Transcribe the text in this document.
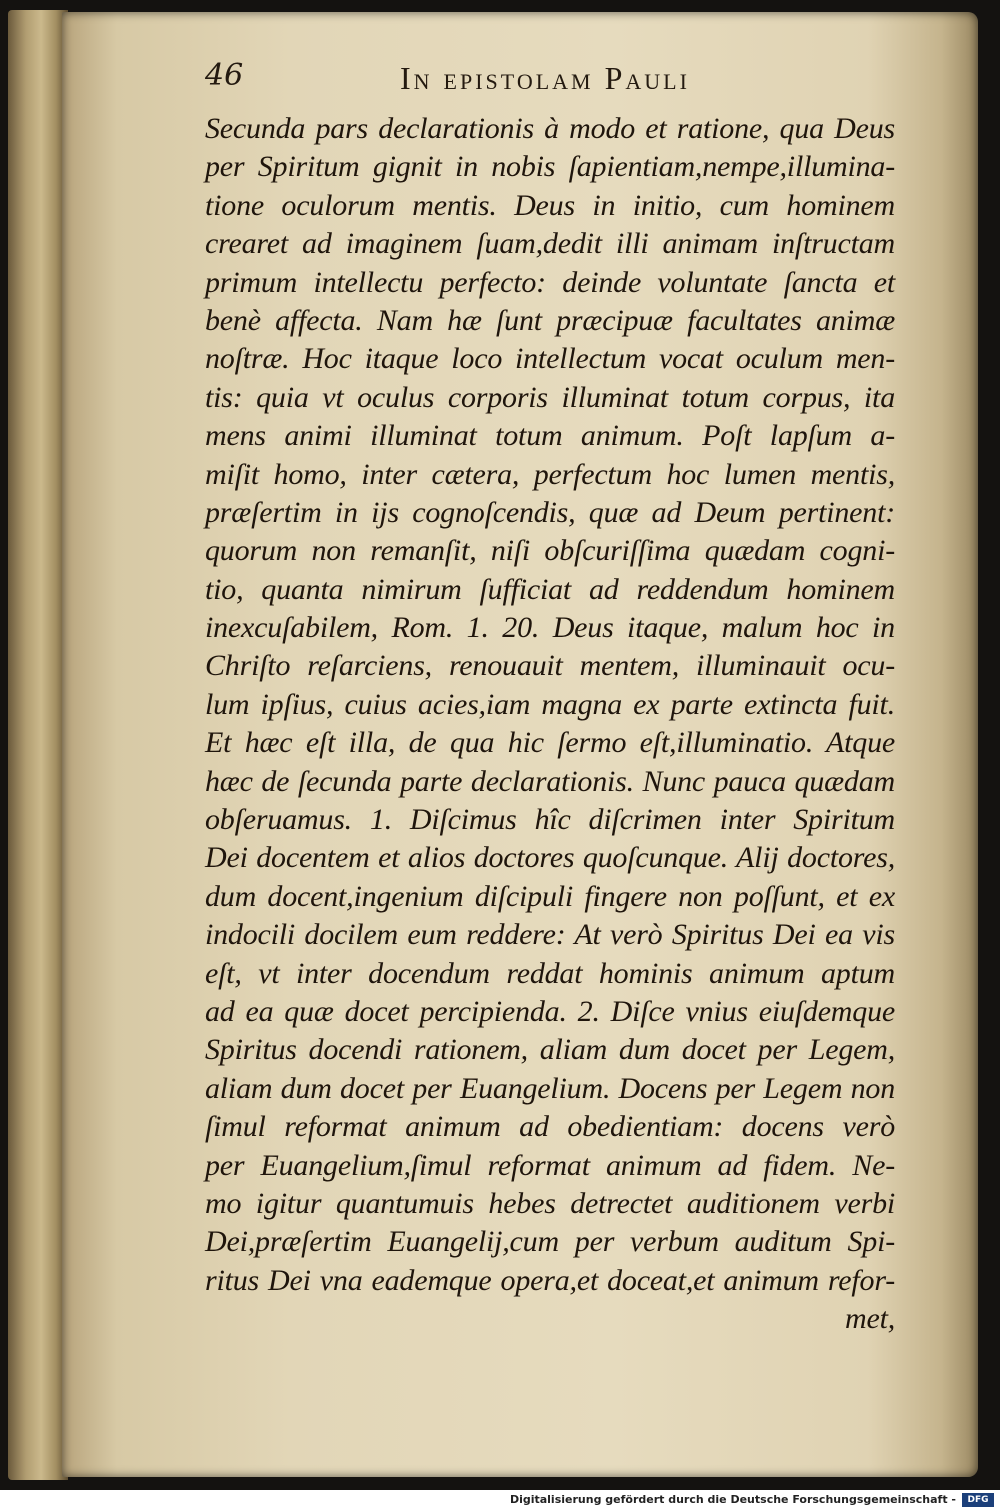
46	In epistolam Pauli
Secunda pars declarationis à modo et ratione, qua Deus
per Spiritum gignit in nobis ſapientiam,nempe,illumina-
tione oculorum mentis. Deus in initio, cum hominem
crearet ad imaginem ſuam,dedit illi animam inſtructam
primum intellectu perfecto: deinde voluntate ſancta et
benè affecta. Nam hæ ſunt præcipuæ facultates animæ
noſtræ. Hoc itaque loco intellectum vocat oculum men-
tis: quia vt oculus corporis illuminat totum corpus, ita
mens animi illuminat totum animum. Poſt lapſum a-
miſit homo, inter cætera, perfectum hoc lumen mentis,
præſertim in ijs cognoſcendis, quæ ad Deum pertinent:
quorum non remanſit, niſi obſcuriſſima quædam cogni-
tio, quanta nimirum ſufficiat ad reddendum hominem
inexcuſabilem, Rom. 1. 20. Deus itaque, malum hoc in
Chriſto reſarciens, renouauit mentem, illuminauit ocu-
lum ipſius, cuius acies,iam magna ex parte extincta fuit.
Et hæc eſt illa, de qua hic ſermo eſt,illuminatio. Atque
hæc de ſecunda parte declarationis. Nunc pauca quædam
obſeruamus. 1. Diſcimus hîc diſcrimen inter Spiritum
Dei docentem et alios doctores quoſcunque. Alij doctores,
dum docent,ingenium diſcipuli fingere non poſſunt, et ex
indocili docilem eum reddere: At verò Spiritus Dei ea vis
eſt, vt inter docendum reddat hominis animum aptum
ad ea quæ docet percipienda. 2. Diſce vnius eiuſdemque
Spiritus docendi rationem, aliam dum docet per Legem,
aliam dum docet per Euangelium. Docens per Legem non
ſimul reformat animum ad obedientiam: docens verò
per Euangelium,ſimul reformat animum ad fidem. Ne-
mo igitur quantumuis hebes detrectet auditionem verbi
Dei,præſertim Euangelij,cum per verbum auditum Spi-
ritus Dei vna eademque opera,et doceat,et animum refor-
met,
Digitalisierung gefördert durch die Deutsche Forschungsgemeinschaft -	DFG
